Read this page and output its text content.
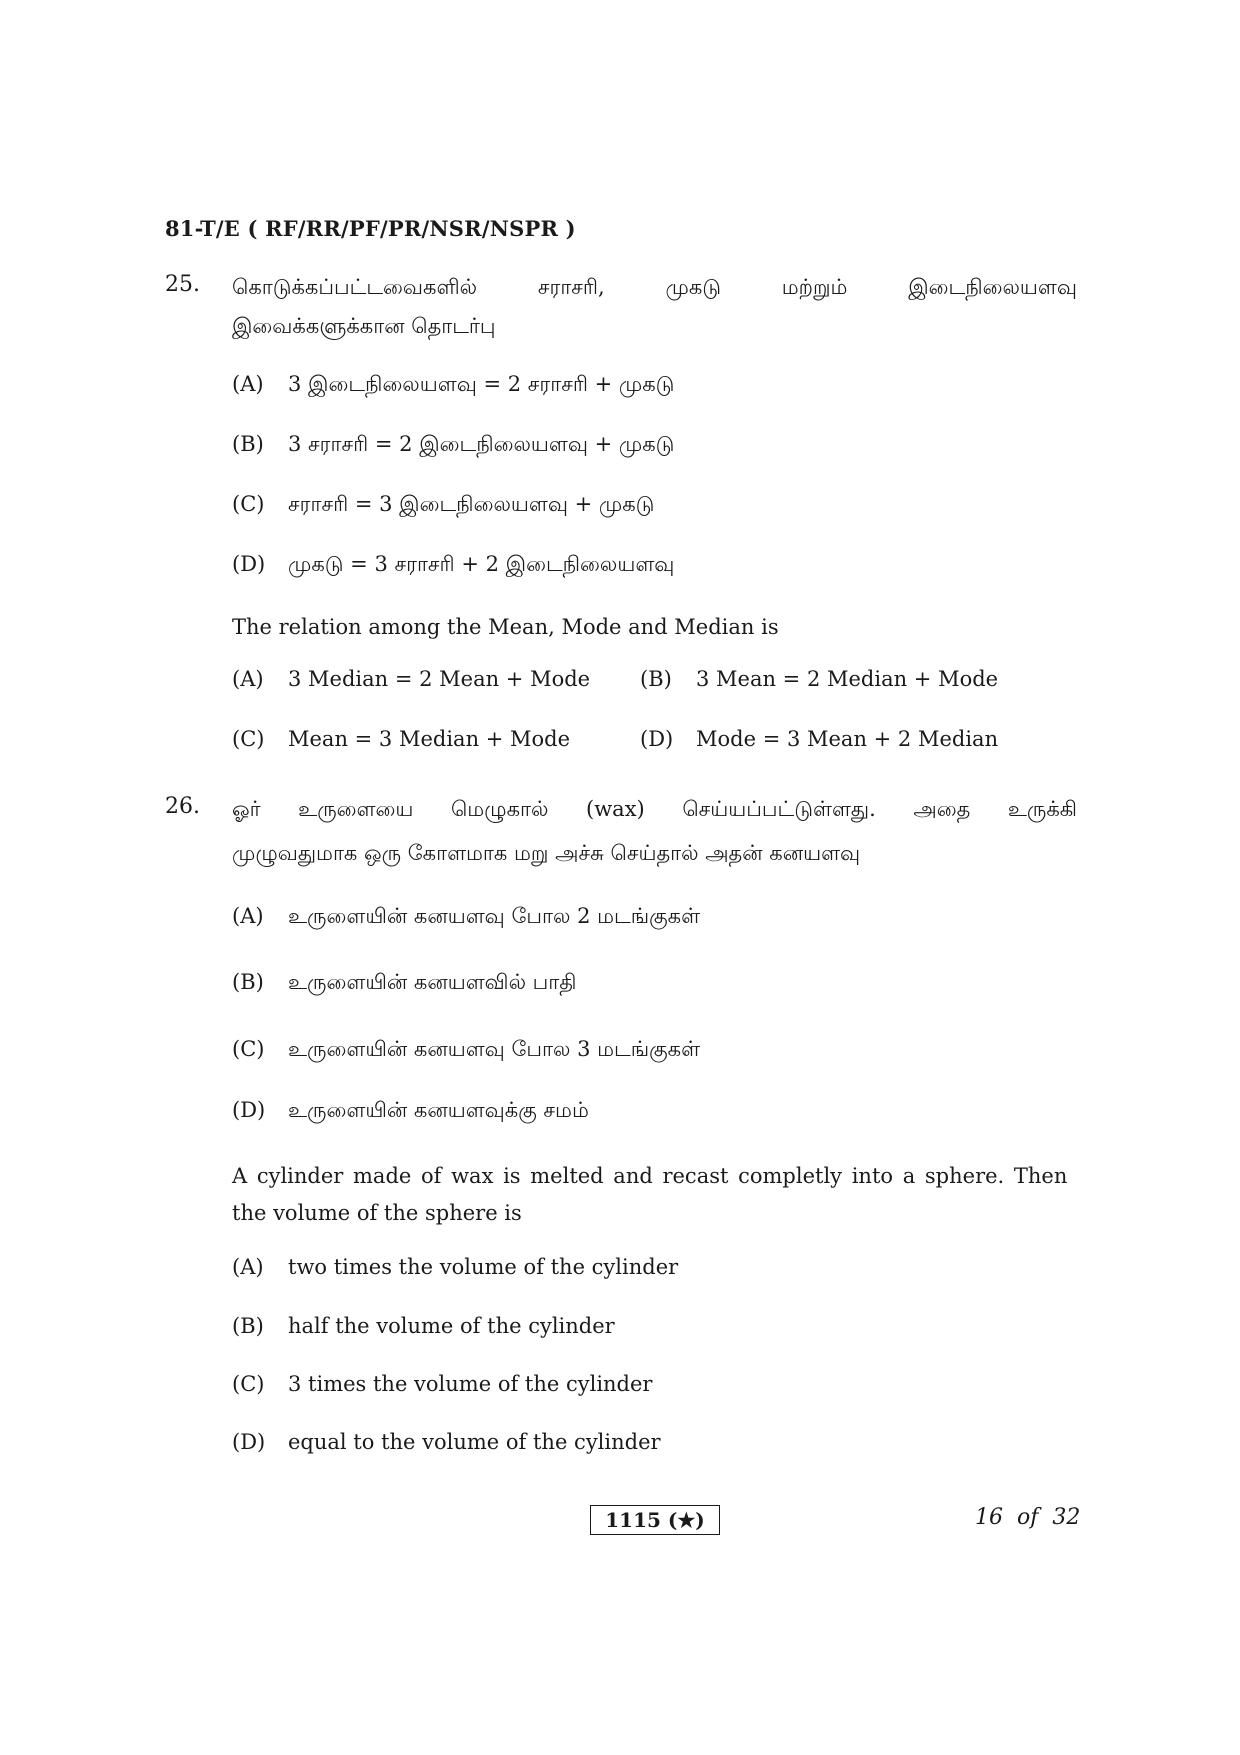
81-T/E ( RF/RR/PF/PR/NSR/NSPR )
25. கொடுக்கப்பட்டவைகளில்	சராசரி,	முகடு	மற்றும்	இடைநிலையளவு
இவைக்களுக்கான தொடர்பு
(A) 3 இடைநிலையளவு = 2 சராசரி + முகடு
(B) 3 சராசரி = 2 இடைநிலையளவு + முகடு
(C) சராசரி = 3 இடைநிலையளவு + முகடு
(D) முகடு = 3 சராசரி + 2 இடைநிலையளவு
The relation among the Mean, Mode and Median is
(A) 3 Median = 2 Mean + Mode (B) 3 Mean = 2 Median + Mode
(C) Mean = 3 Median + Mode	(D) Mode = 3 Mean + 2 Median
26. ஓர் உருளையை மெழுகால் (wax) செய்யப்பட்டுள்ளது. அதை உருக்கி
முழுவதுமாக ஒரு கோளமாக மறு அச்சு செய்தால் அதன் கனயளவு
(A) உருளையின் கனயளவு போல 2 மடங்குகள்
(B) உருளையின் கனயளவில் பாதி
(C) உருளையின் கனயளவு போல 3 மடங்குகள்
(D) உருளையின் கனயளவுக்கு சமம்
A cylinder made of wax is melted and recast completly into a sphere. Then
the volume of the sphere is
(A) two times the volume of the cylinder
(B) half the volume of the cylinder
(C) 3 times the volume of the cylinder
(D) equal to the volume of the cylinder
1115 (★)	16  of  32
